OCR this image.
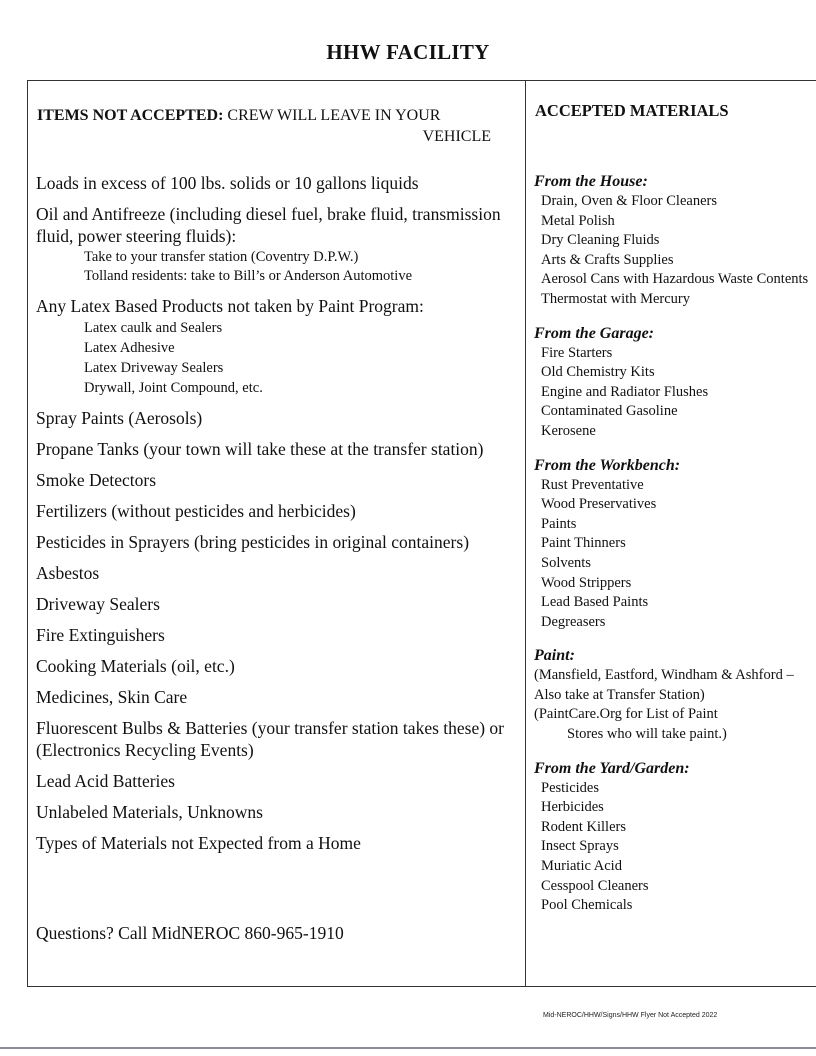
HHW FACILITY
ITEMS NOT ACCEPTED: CREW WILL LEAVE IN YOUR
VEHICLE
Loads in excess of 100 lbs. solids or 10 gallons liquids
Oil and Antifreeze (including diesel fuel, brake fluid, transmission fluid, power steering fluids):
Take to your transfer station (Coventry D.P.W.)
Tolland residents: take to Bill’s or Anderson Automotive
Any Latex Based Products not taken by Paint Program:
Latex caulk and Sealers
Latex Adhesive
Latex Driveway Sealers
Drywall, Joint Compound, etc.
Spray Paints (Aerosols)
Propane Tanks (your town will take these at the transfer station)
Smoke Detectors
Fertilizers (without pesticides and herbicides)
Pesticides in Sprayers (bring pesticides in original containers)
Asbestos
Driveway Sealers
Fire Extinguishers
Cooking Materials (oil, etc.)
Medicines, Skin Care
Fluorescent Bulbs & Batteries (your transfer station takes these) or (Electronics Recycling Events)
Lead Acid Batteries
Unlabeled Materials, Unknowns
Types of Materials not Expected from a Home
Questions? Call MidNEROC 860-965-1910
ACCEPTED MATERIALS
From the House:
Drain, Oven & Floor Cleaners
Metal Polish
Dry Cleaning Fluids
Arts & Crafts Supplies
Aerosol Cans with Hazardous Waste Contents
Thermostat with Mercury
From the Garage:
Fire Starters
Old Chemistry Kits
Engine and Radiator Flushes
Contaminated Gasoline
Kerosene
From the Workbench:
Rust Preventative
Wood Preservatives
Paints
Paint Thinners
Solvents
Wood Strippers
Lead Based Paints
Degreasers
Paint:
(Mansfield, Eastford, Windham & Ashford – Also take at Transfer Station)
(PaintCare.Org for List of Paint
Stores who will take paint.)
From the Yard/Garden:
Pesticides
Herbicides
Rodent Killers
Insect Sprays
Muriatic Acid
Cesspool Cleaners
Pool Chemicals
Mid-NEROC/HHW/Signs/HHW Flyer Not Accepted 2022
